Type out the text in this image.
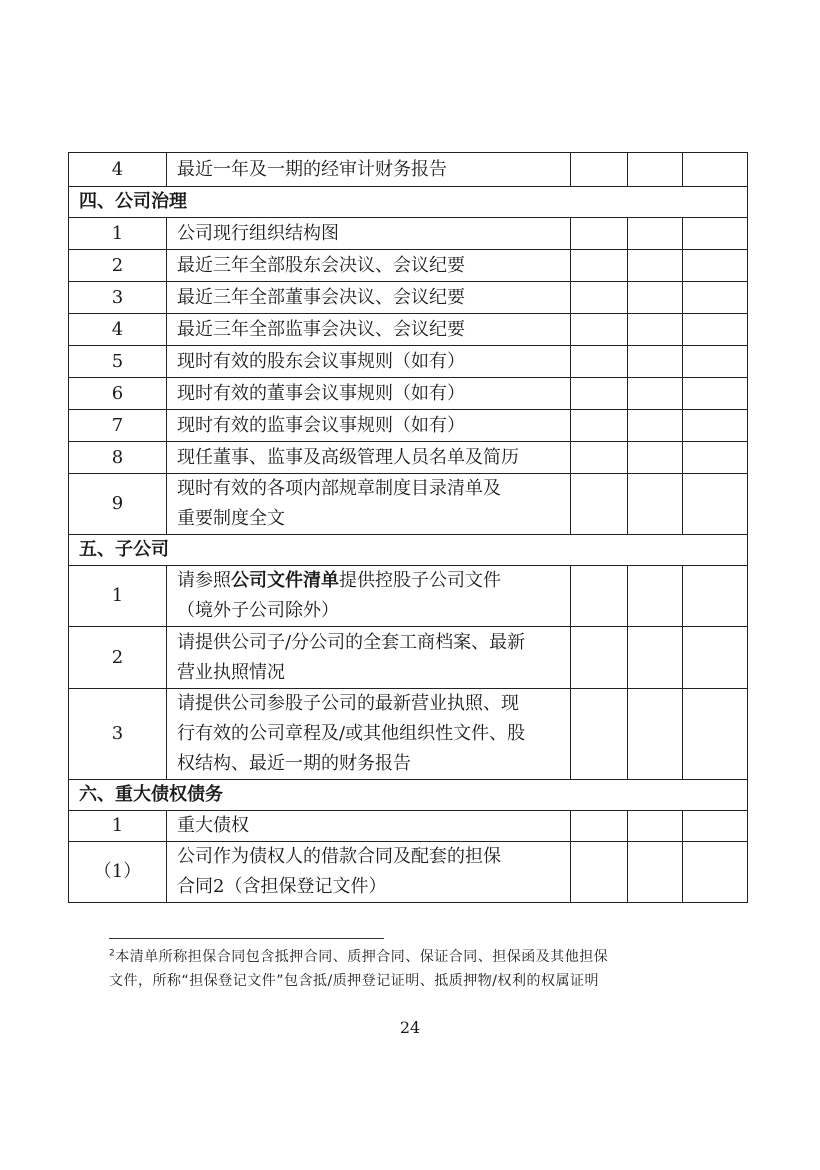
4	最近一年及一期的经审计财务报告			
四、公司治理				
1	公司现行组织结构图			
2	最近三年全部股东会决议、会议纪要			
3	最近三年全部董事会决议、会议纪要			
4	最近三年全部监事会决议、会议纪要			
5	现时有效的股东会议事规则（如有）			
6	现时有效的董事会议事规则（如有）			
7	现时有效的监事会议事规则（如有）			
8	现任董事、监事及高级管理人员名单及简历			
9	现时有效的各项内部规章制度目录清单及
重要制度全文			

五、子公司				
1	请参照公司文件清单提供控股子公司文件
（境外子公司除外）			

2	请提供公司子/分公司的全套工商档案、最新
营业执照情况			

3	请提供公司参股子公司的最新营业执照、现
行有效的公司章程及/或其他组织性文件、股
权结构、最近一期的财务报告			

六、重大债权债务				
1	重大债权			
（1）	公司作为债权人的借款合同及配套的担保
合同2（含担保登记文件）			

$^2$本清单所称担保合同包含抵押合同、质押合同、保证合同、担保函及其他担保
文件，所称“担保登记文件”包含抵/质押登记证明、抵质押物/权利的权属证明
24
